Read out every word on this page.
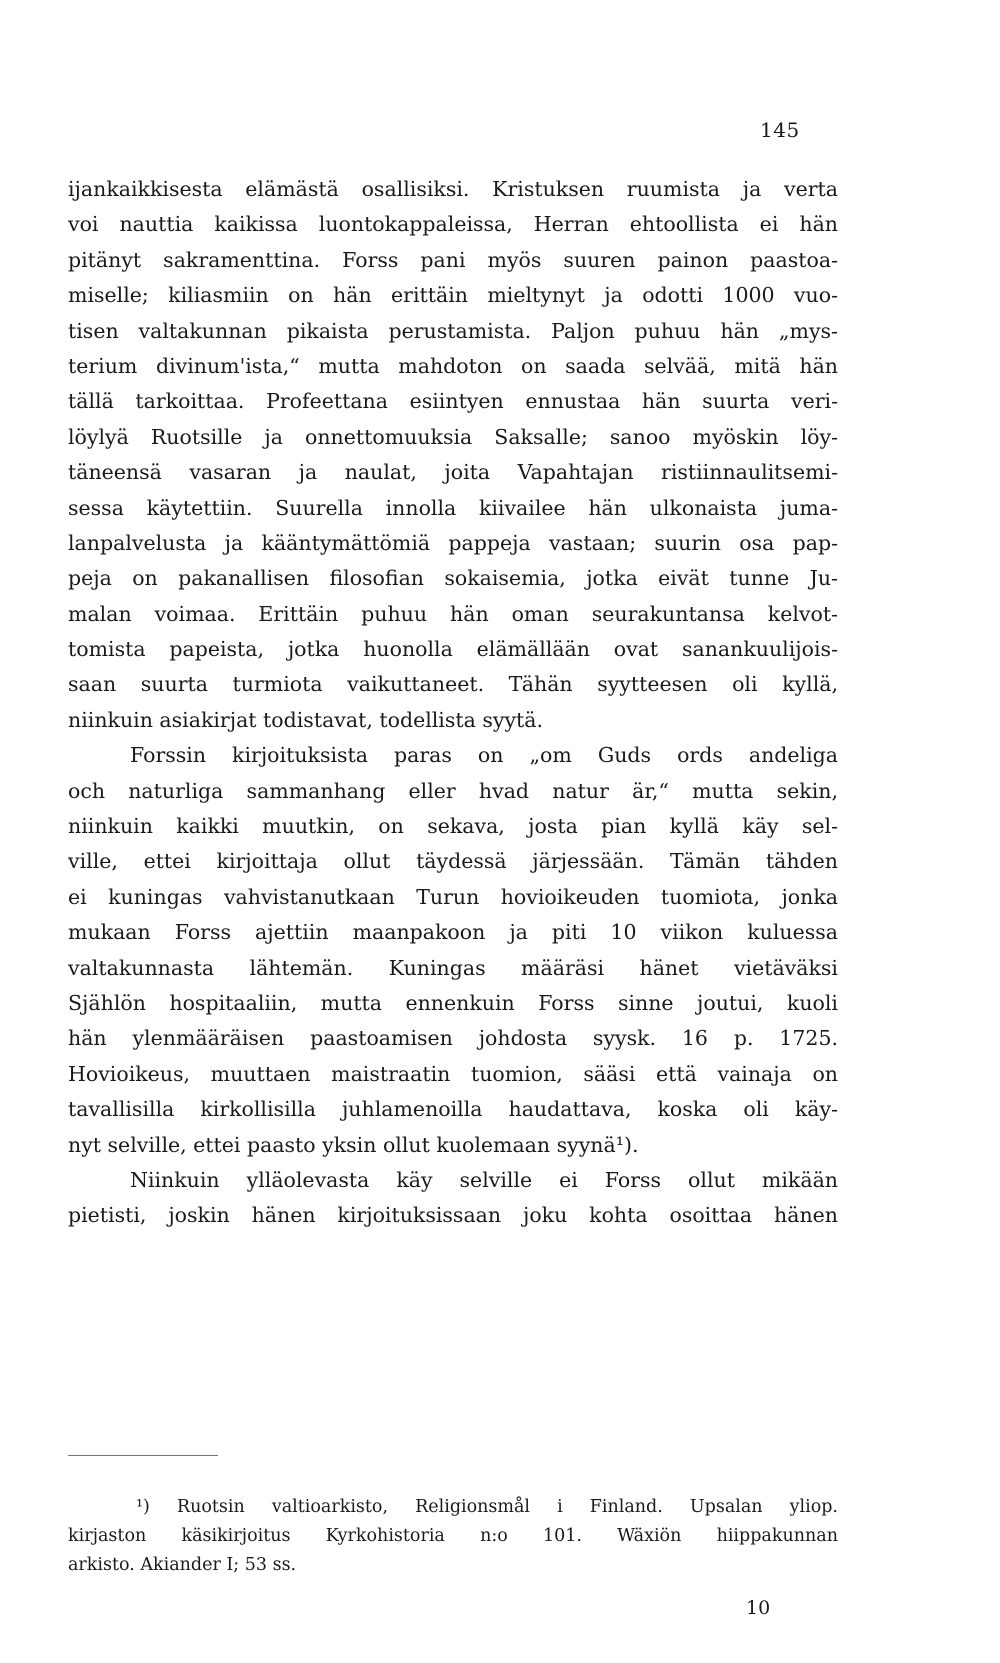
145
ijankaikkisesta elämästä osallisiksi. Kristuksen ruumista ja verta
voi nauttia kaikissa luontokappaleissa, Herran ehtoollista ei hän
pitänyt sakramenttina. Forss pani myös suuren painon paastoa-
miselle; kiliasmiin on hän erittäin mieltynyt ja odotti 1000 vuo-
tisen valtakunnan pikaista perustamista. Paljon puhuu hän „mys-
terium divinum'ista,“ mutta mahdoton on saada selvää, mitä hän
tällä tarkoittaa. Profeettana esiintyen ennustaa hän suurta veri-
löylyä Ruotsille ja onnettomuuksia Saksalle; sanoo myöskin löy-
täneensä vasaran ja naulat, joita Vapahtajan ristiinnaulitsemi-
sessa käytettiin. Suurella innolla kiivailee hän ulkonaista juma-
lanpalvelusta ja kääntymättömiä pappeja vastaan; suurin osa pap-
peja on pakanallisen filosofian sokaisemia, jotka eivät tunne Ju-
malan voimaa. Erittäin puhuu hän oman seurakuntansa kelvot-
tomista papeista, jotka huonolla elämällään ovat sanankuulijois-
saan suurta turmiota vaikuttaneet. Tähän syytteesen oli kyllä,
niinkuin asiakirjat todistavat, todellista syytä.
Forssin kirjoituksista paras on „om Guds ords andeliga
och naturliga sammanhang eller hvad natur är,“ mutta sekin,
niinkuin kaikki muutkin, on sekava, josta pian kyllä käy sel-
ville, ettei kirjoittaja ollut täydessä järjessään. Tämän tähden
ei kuningas vahvistanutkaan Turun hovioikeuden tuomiota, jonka
mukaan Forss ajettiin maanpakoon ja piti 10 viikon kuluessa
valtakunnasta lähtemän. Kuningas määräsi hänet vietäväksi
Sjählön hospitaaliin, mutta ennenkuin Forss sinne joutui, kuoli
hän ylenmääräisen paastoamisen johdosta syysk. 16 p. 1725.
Hovioikeus, muuttaen maistraatin tuomion, sääsi että vainaja on
tavallisilla kirkollisilla juhlamenoilla haudattava, koska oli käy-
nyt selville, ettei paasto yksin ollut kuolemaan syynä¹).
Niinkuin ylläolevasta käy selville ei Forss ollut mikään
pietisti, joskin hänen kirjoituksissaan joku kohta osoittaa hänen
¹) Ruotsin valtioarkisto, Religionsmål i Finland. Upsalan yliop.
kirjaston käsikirjoitus Kyrkohistoria n:o 101. Wäxiön hiippakunnan
arkisto. Akiander I; 53 ss.
10
